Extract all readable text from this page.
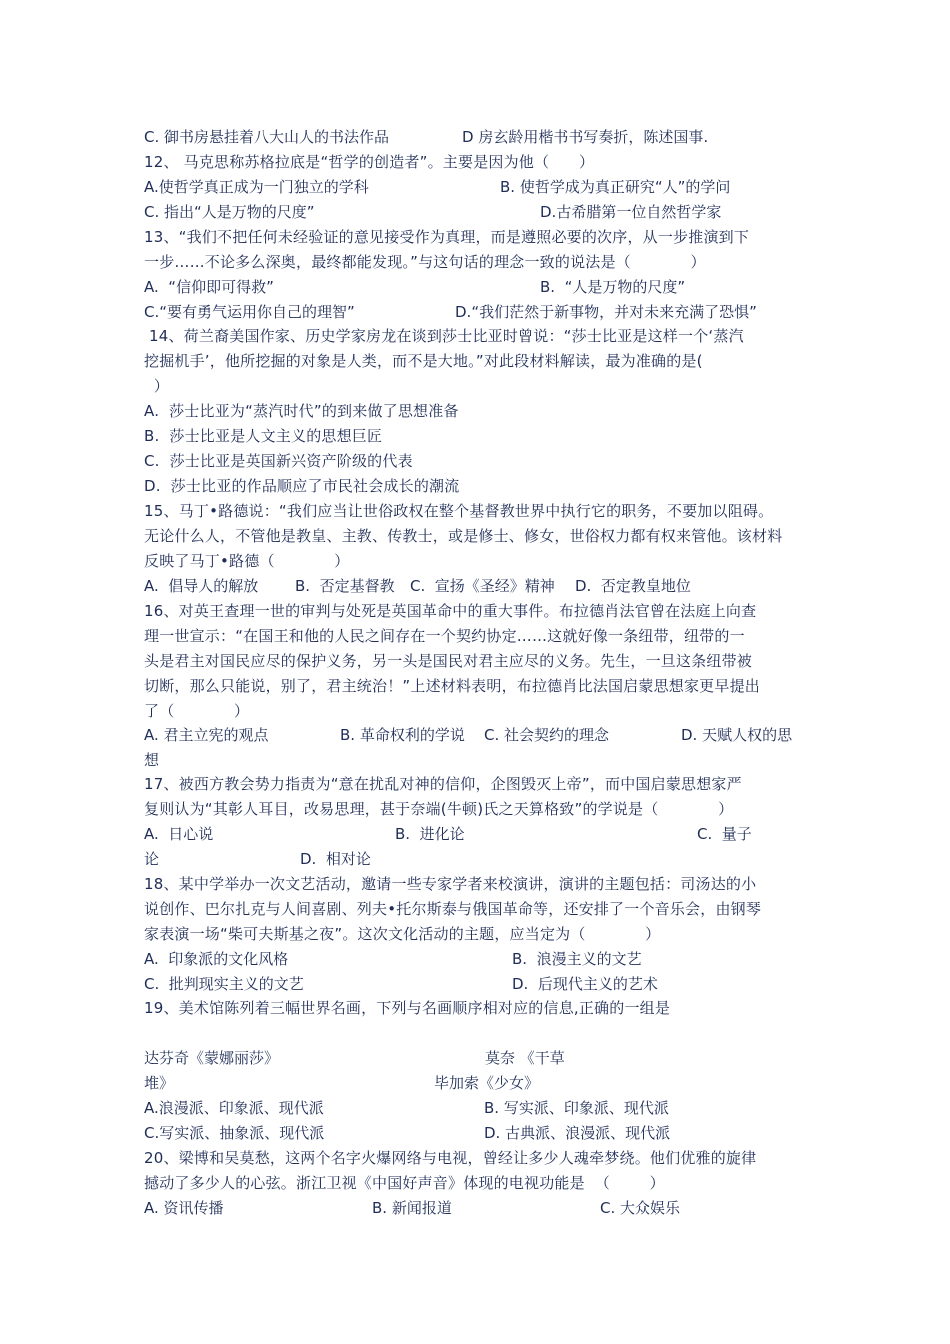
C. 御书房悬挂着八大山人的书法作品	D 房玄龄用楷书书写奏折，陈述国事.
12、 马克思称苏格拉底是“哲学的创造者”。主要是因为他（      ）
A.使哲学真正成为一门独立的学科	B. 使哲学成为真正研究“人”的学问
C. 指出“人是万物的尺度”	D.古希腊第一位自然哲学家
13、“我们不把任何未经验证的意见接受作为真理，而是遵照必要的次序，从一步推演到下
一步……不论多么深奥，最终都能发现。”与这句话的理念一致的说法是（            ）
A.  “信仰即可得救”	B.  “人是万物的尺度”
C.“要有勇气运用你自己的理智”	D.“我们茫然于新事物，并对未来充满了恐惧”
14、荷兰裔美国作家、历史学家房龙在谈到莎士比亚时曾说：“莎士比亚是这样一个‘蒸汽
挖掘机手’，他所挖掘的对象是人类，而不是大地。”对此段材料解读，最为准确的是(
）
A.  莎士比亚为“蒸汽时代”的到来做了思想准备
B.  莎士比亚是人文主义的思想巨匠
C.  莎士比亚是英国新兴资产阶级的代表
D.  莎士比亚的作品顺应了市民社会成长的潮流
15、马丁•路德说：“我们应当让世俗政权在整个基督教世界中执行它的职务，不要加以阻碍。
无论什么人，不管他是教皇、主教、传教士，或是修士、修女，世俗权力都有权来管他。该材料
反映了马丁•路德（            ）
A.  倡导人的解放 B.  否定基督教 C.  宣扬《圣经》精神 D.  否定教皇地位
16、对英王查理一世的审判与处死是英国革命中的重大事件。布拉德肖法官曾在法庭上向查
理一世宣示：“在国王和他的人民之间存在一个契约协定……这就好像一条纽带，纽带的一
头是君主对国民应尽的保护义务，另一头是国民对君主应尽的义务。先生，一旦这条纽带被
切断，那么只能说，别了，君主统治！”上述材料表明，布拉德肖比法国启蒙思想家更早提出
了（            ）
A. 君主立宪的观点	B. 革命权利的学说 C. 社会契约的理念	D. 天赋人权的思
想
17、被西方教会势力指责为“意在扰乱对神的信仰，企图毁灭上帝”，而中国启蒙思想家严
复则认为“其彰人耳目，改易思理，甚于奈端(牛顿)氏之天算格致”的学说是（            ）
A.  日心说	B.  进化论	C.  量子
论	D.  相对论
18、某中学举办一次文艺活动，邀请一些专家学者来校演讲，演讲的主题包括：司汤达的小
说创作、巴尔扎克与人间喜剧、列夫•托尔斯泰与俄国革命等，还安排了一个音乐会，由钢琴
家表演一场“柴可夫斯基之夜”。这次文化活动的主题，应当定为（            ）
A.  印象派的文化风格	B.  浪漫主义的文艺
C.  批判现实主义的文艺	D.  后现代主义的艺术
19、美术馆陈列着三幅世界名画，下列与名画顺序相对应的信息,正确的一组是
达芬奇《蒙娜丽莎》	莫奈 《干草
堆》	毕加索《少女》
A.浪漫派、印象派、现代派	B. 写实派、印象派、现代派
C.写实派、抽象派、现代派	D. 古典派、浪漫派、现代派
20、梁博和吴莫愁，这两个名字火爆网络与电视，曾经让多少人魂牵梦绕。他们优雅的旋律
撼动了多少人的心弦。浙江卫视《中国好声音》体现的电视功能是  （        ）
A. 资讯传播	B. 新闻报道	C. 大众娱乐
